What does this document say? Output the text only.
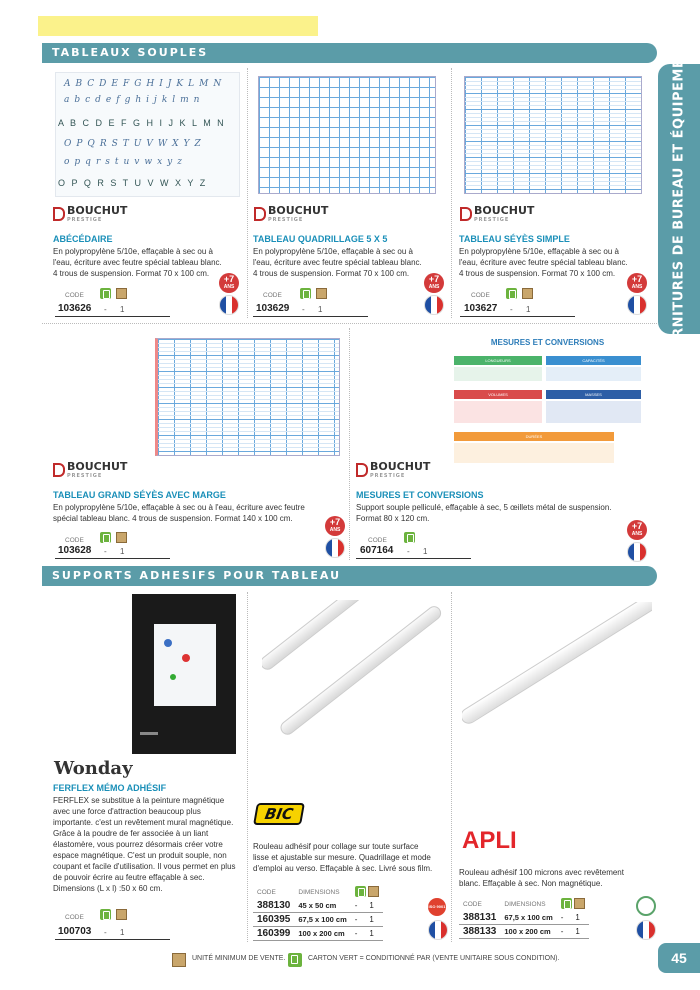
TABLEAUX SOUPLES	FOURNITURES DE BUREAU ET ÉQUIPEMENTS
ABCDEFGHIJKLMN
abcdefghijklmn
A B C D E F G H I J K L M N
OPQRSTUVWXYZ
opqrstuvwxyz
O P Q R S T U V W X Y Z
BOUCHUT
PRESTIGE
ABÉCÉDAIRE
En polypropylène 5/10e, effaçable à sec ou à l'eau, écriture avec feutre spécial tableau blanc. 4 trous de suspension. Format 70 x 100 cm.
CODE
103626 - 1
+7
ANS
BOUCHUT
PRESTIGE
TABLEAU QUADRILLAGE 5 X 5
En polypropylène 5/10e, effaçable à sec ou à l'eau, écriture avec feutre spécial tableau blanc. 4 trous de suspension. Format 70 x 100 cm.
CODE
103629 - 1
+7
ANS
BOUCHUT
PRESTIGE
TABLEAU SÉYÈS SIMPLE
En polypropylène 5/10e, effaçable à sec ou à l'eau, écriture avec feutre spécial tableau blanc. 4 trous de suspension. Format 70 x 100 cm.
CODE
103627 - 1
+7
ANS
BOUCHUT
PRESTIGE
TABLEAU GRAND SÉYÈS AVEC MARGE
En polypropylène 5/10e, effaçable à sec ou à l'eau, écriture avec feutre spécial tableau blanc. 4 trous de suspension. Format 140 x 100 cm.
CODE
103628 - 1
+7
ANS
MESURES ET CONVERSIONS
LONGUEURS	CAPACITÉS
VOLUMES	MASSES
DURÉES
BOUCHUT
PRESTIGE
MESURES ET CONVERSIONS
Support souple pelliculé, effaçable à sec, 5 œillets métal de suspension. Format 80 x 120 cm.
CODE
607164 - 1
+7
ANS
SUPPORTS ADHESIFS POUR TABLEAU
Wonday
FERFLEX MÉMO ADHÉSIF
FERFLEX se substitue à la peinture magnétique avec une force d'attraction beaucoup plus importante. c'est un revêtement mural magnétique. Grâce à la poudre de fer associée à un liant élastomère, vous pourrez désormais créer votre espace magnétique. C'est un produit souple, non coupant et facile d'utilisation. Il vous permet en plus de pouvoir écrire au feutre effaçable à sec. Dimensions (L x l) :50 x 60 cm.
CODE
100703 - 1
BIC
Rouleau adhésif pour collage sur toute surface lisse et ajustable sur mesure. Quadrillage et mode d'emploi au verso. Effaçable à sec. Livré sous film.
CODE	DIMENSIONS		
388130	45 x 50 cm	-	1
160395	67,5 x 100 cm	-	1
160399	100 x 200 cm	-	1
ISO 9001
APLI
Rouleau adhésif 100 microns avec revêtement blanc. Effaçable à sec. Non magnétique.
CODE	DIMENSIONS		
388131	67,5 x 100 cm	-	1
388133	100 x 200 cm	-	1
UNITÉ MINIMUM DE VENTE.	CARTON VERT = CONDITIONNÉ PAR (VENTE UNITAIRE SOUS CONDITION).	45
